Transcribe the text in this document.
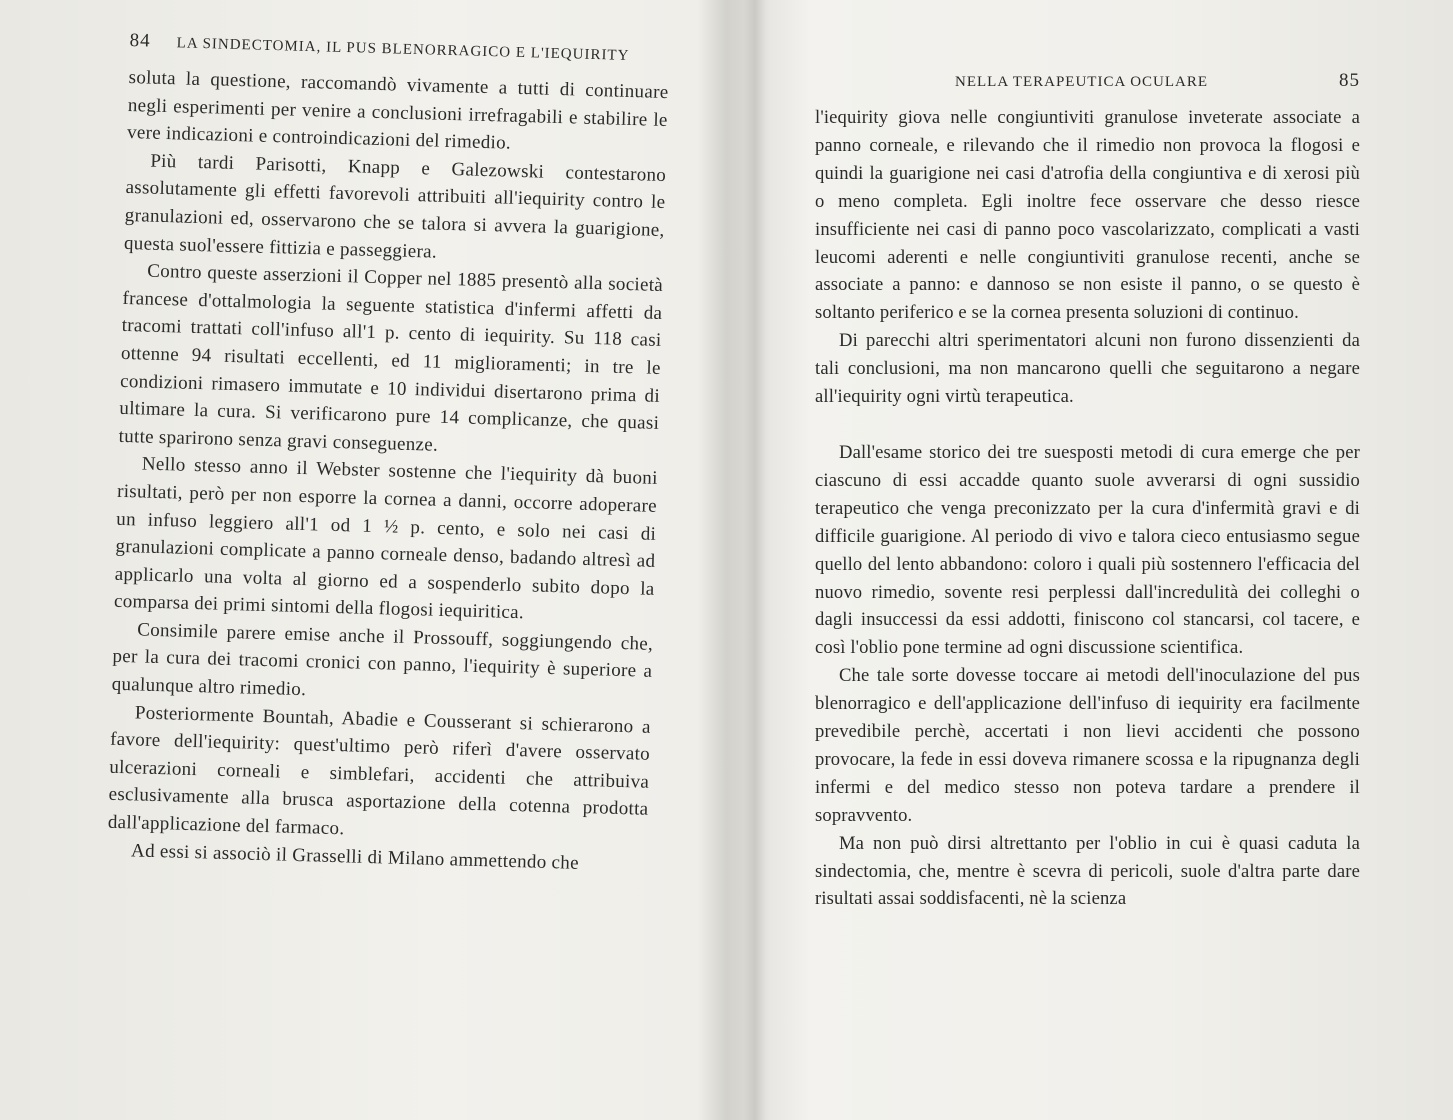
84 LA SINDECTOMIA, IL PUS BLENORRAGICO E L'IEQUIRITY

soluta la questione, raccomandò vivamente a tutti di continuare negli esperimenti per venire a conclusioni irrefragabili e stabilire le vere indicazioni e controindicazioni del rimedio.

Più tardi Parisotti, Knapp e Galezowski contestarono assolutamente gli effetti favorevoli attribuiti all'iequirity contro le granulazioni ed, osservarono che se talora si avvera la guarigione, questa suol'essere fittizia e passeggiera.

Contro queste asserzioni il Copper nel 1885 presentò alla società francese d'ottalmologia la seguente statistica d'infermi affetti da tracomi trattati coll'infuso all'1 p. cento di iequirity. Su 118 casi ottenne 94 risultati eccellenti, ed 11 miglioramenti; in tre le condizioni rimasero immutate e 10 individui disertarono prima di ultimare la cura. Si verificarono pure 14 complicanze, che quasi tutte sparirono senza gravi conseguenze.

Nello stesso anno il Webster sostenne che l'iequirity dà buoni risultati, però per non esporre la cornea a danni, occorre adoperare un infuso leggiero all'1 od 1 ½ p. cento, e solo nei casi di granulazioni complicate a panno corneale denso, badando altresì ad applicarlo una volta al giorno ed a sospenderlo subito dopo la comparsa dei primi sintomi della flogosi iequiritica.

Consimile parere emise anche il Prossouff, soggiungendo che, per la cura dei tracomi cronici con panno, l'iequirity è superiore a qualunque altro rimedio.

Posteriormente Bountah, Abadie e Cousserant si schierarono a favore dell'iequirity: quest'ultimo però riferì d'avere osservato ulcerazioni corneali e simblefari, accidenti che attribuiva esclusivamente alla brusca asportazione della cotenna prodotta dall'applicazione del farmaco.

Ad essi si associò il Grasselli di Milano ammettendo che

NELLA TERAPEUTICA OCULARE	85

l'iequirity giova nelle congiuntiviti granulose inveterate associate a panno corneale, e rilevando che il rimedio non provoca la flogosi e quindi la guarigione nei casi d'atrofia della congiuntiva e di xerosi più o meno completa. Egli inoltre fece osservare che desso riesce insufficiente nei casi di panno poco vascolarizzato, complicati a vasti leucomi aderenti e nelle congiuntiviti granulose recenti, anche se associate a panno: e dannoso se non esiste il panno, o se questo è soltanto periferico e se la cornea presenta soluzioni di continuo.

Di parecchi altri sperimentatori alcuni non furono dissenzienti da tali conclusioni, ma non mancarono quelli che seguitarono a negare all'iequirity ogni virtù terapeutica.

Dall'esame storico dei tre suesposti metodi di cura emerge che per ciascuno di essi accadde quanto suole avverarsi di ogni sussidio terapeutico che venga preconizzato per la cura d'infermità gravi e di difficile guarigione. Al periodo di vivo e talora cieco entusiasmo segue quello del lento abbandono: coloro i quali più sostennero l'efficacia del nuovo rimedio, sovente resi perplessi dall'incredulità dei colleghi o dagli insuccessi da essi addotti, finiscono col stancarsi, col tacere, e così l'oblio pone termine ad ogni discussione scientifica.

Che tale sorte dovesse toccare ai metodi dell'inoculazione del pus blenorragico e dell'applicazione dell'infuso di iequirity era facilmente prevedibile perchè, accertati i non lievi accidenti che possono provocare, la fede in essi doveva rimanere scossa e la ripugnanza degli infermi e del medico stesso non poteva tardare a prendere il sopravvento.

Ma non può dirsi altrettanto per l'oblio in cui è quasi caduta la sindectomia, che, mentre è scevra di pericoli, suole d'altra parte dare risultati assai soddisfacenti, nè la scienza
